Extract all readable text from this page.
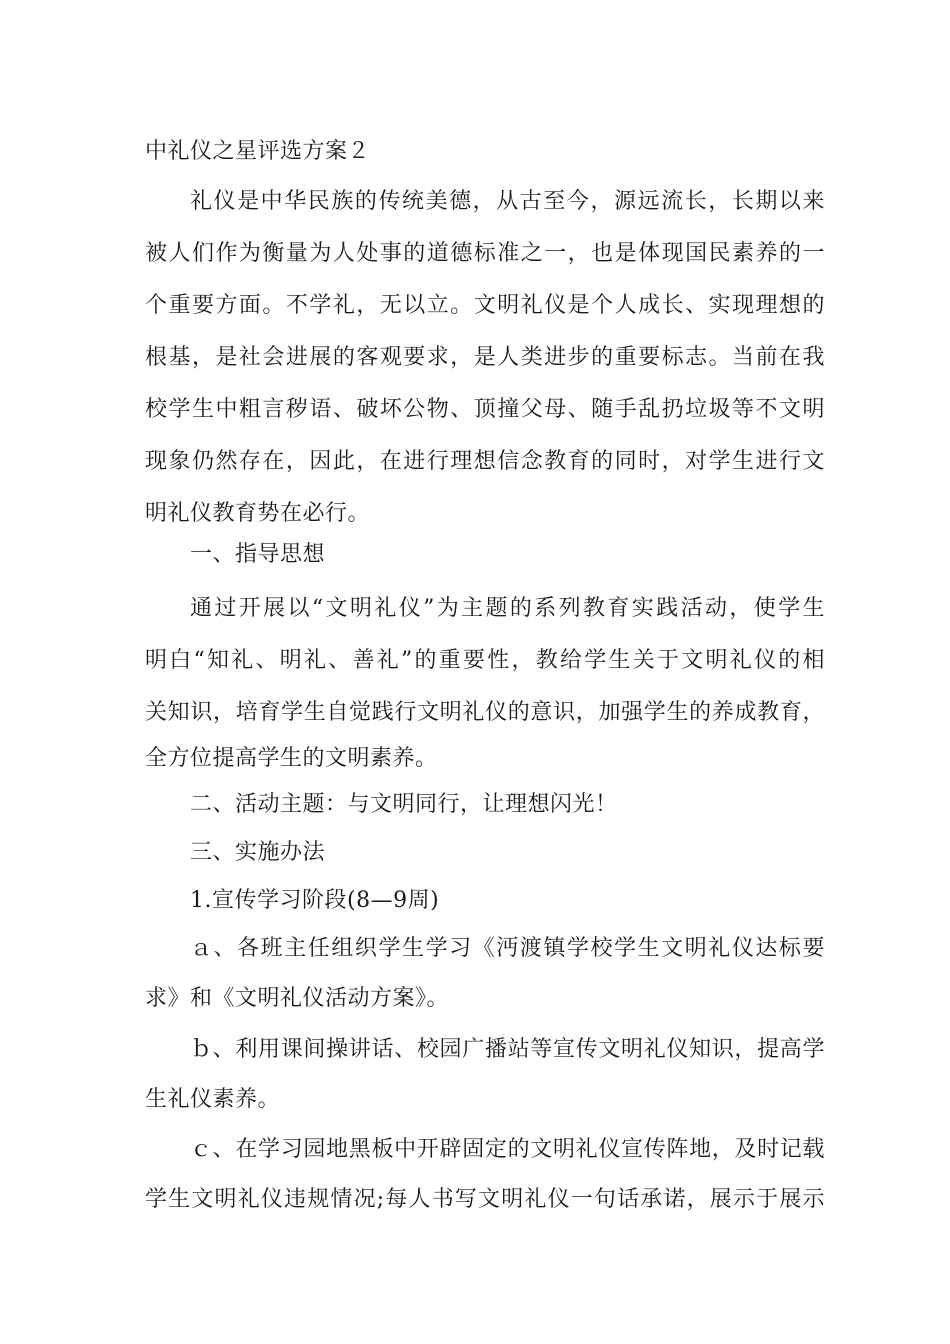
中礼仪之星评选方案２
礼仪是中华民族的传统美德，从古至今，源远流长，长期以来
被人们作为衡量为人处事的道德标准之一，也是体现国民素养的一
个重要方面。不学礼，无以立。文明礼仪是个人成长、实现理想的
根基，是社会进展的客观要求，是人类进步的重要标志。当前在我
校学生中粗言秽语、破坏公物、顶撞父母、随手乱扔垃圾等不文明
现象仍然存在，因此，在进行理想信念教育的同时，对学生进行文
明礼仪教育势在必行。
一、指导思想
通过开展以“文明礼仪”为主题的系列教育实践活动，使学生
明白“知礼、明礼、善礼”的重要性，教给学生关于文明礼仪的相
关知识，培育学生自觉践行文明礼仪的意识，加强学生的养成教育，
全方位提高学生的文明素养。
二、活动主题：与文明同行，让理想闪光！
三、实施办法
1.宣传学习阶段(8—9周)
ａ、各班主任组织学生学习《沔渡镇学校学生文明礼仪达标要
求》和《文明礼仪活动方案》。
ｂ、利用课间操讲话、校园广播站等宣传文明礼仪知识，提高学
生礼仪素养。
ｃ、在学习园地黑板中开辟固定的文明礼仪宣传阵地，及时记载
学生文明礼仪违规情况;每人书写文明礼仪一句话承诺，展示于展示
